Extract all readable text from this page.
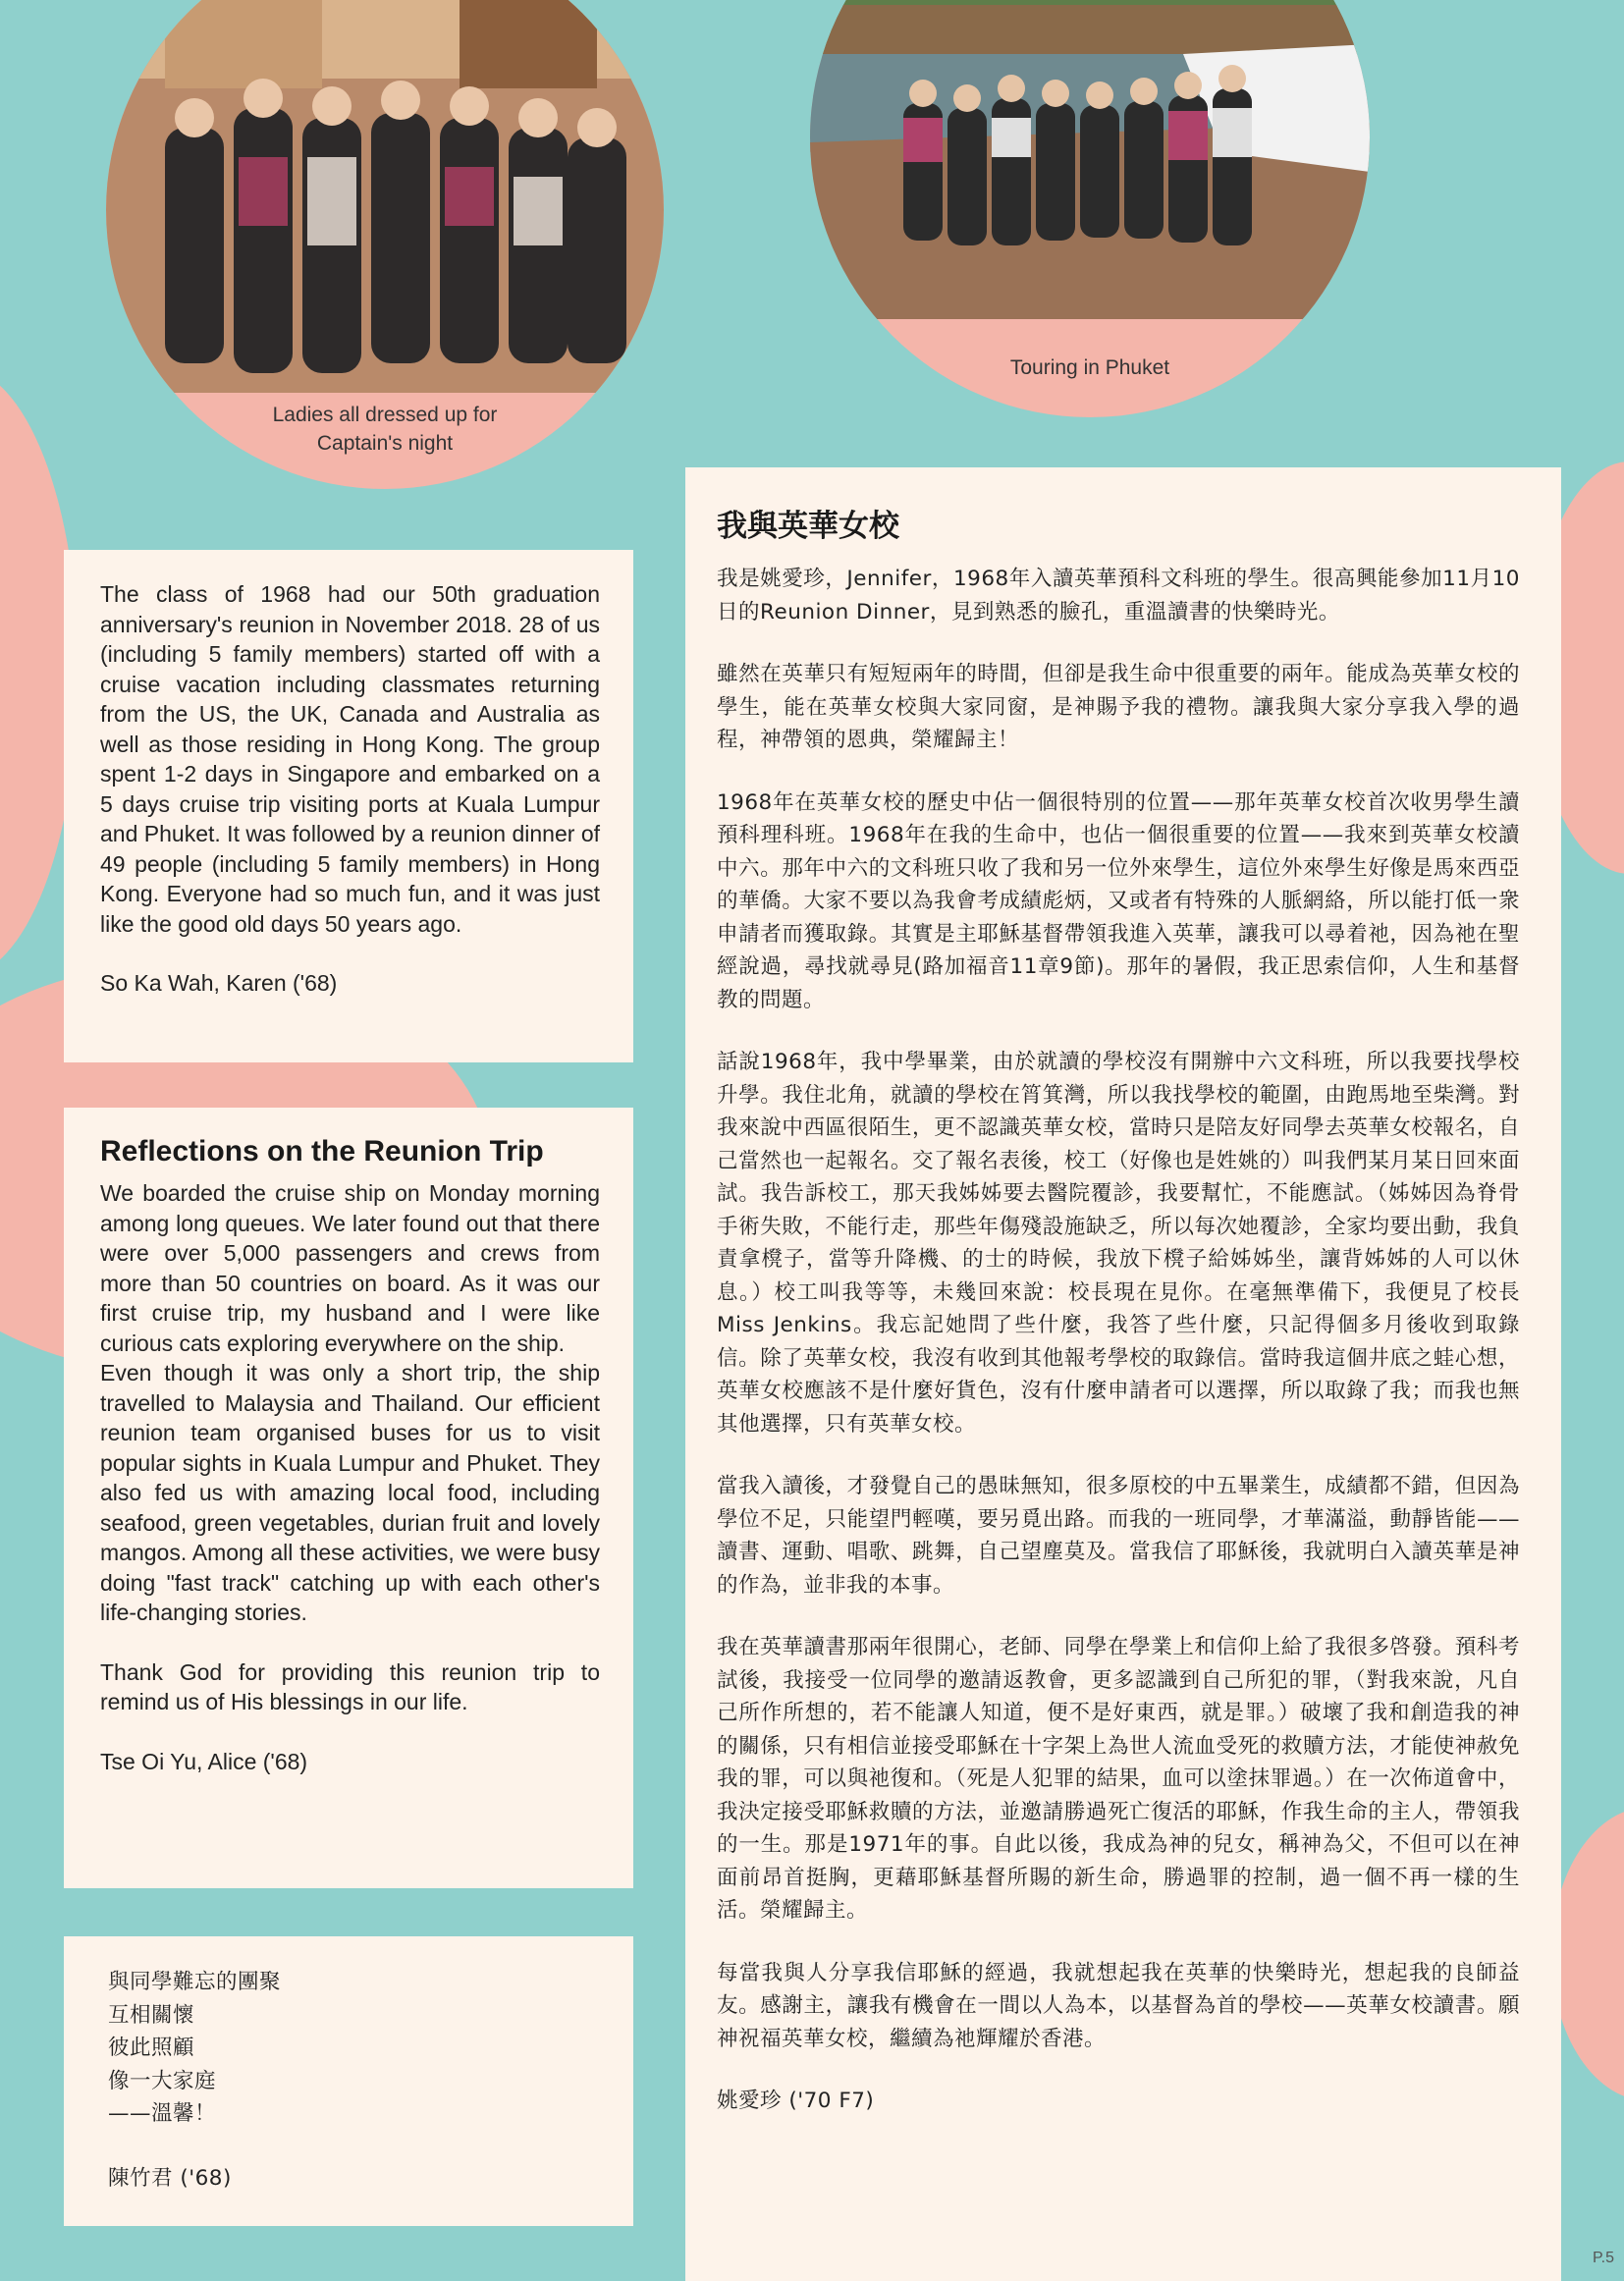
Ladies all dressed up for
Captain's night
Touring in Phuket

The class of 1968 had our 50th graduation anniversary's reunion in November 2018. 28 of us (including 5 family members) started off with a cruise vacation including classmates returning from the US, the UK, Canada and Australia as well as those residing in Hong Kong. The group spent 1-2 days in Singapore and embarked on a 5 days cruise trip visiting ports at Kuala Lumpur and Phuket. It was followed by a reunion dinner of 49 people (including 5 family members) in Hong Kong. Everyone had so much fun, and it was just like the good old days 50 years ago.

So Ka Wah, Karen ('68)

Reflections on the Reunion Trip

We boarded the cruise ship on Monday morning among long queues. We later found out that there were over 5,000 passengers and crews from more than 50 countries on board. As it was our first cruise trip, my husband and I were like curious cats exploring everywhere on the ship.

Even though it was only a short trip, the ship travelled to Malaysia and Thailand. Our efficient reunion team organised buses for us to visit popular sights in Kuala Lumpur and Phuket. They also fed us with amazing local food, including seafood, green vegetables, durian fruit and lovely mangos. Among all these activities, we were busy doing "fast track" catching up with each other's life-changing stories.

Thank God for providing this reunion trip to remind us of His blessings in our life.

Tse Oi Yu, Alice ('68)

與同學難忘的團聚
互相關懷
彼此照顧
像一大家庭
——溫馨！
陳竹君 ('68)
我與英華女校

我是姚愛珍，Jennifer，1968年入讀英華預科文科班的學生。很高興能參加11月10日的Reunion Dinner，見到熟悉的臉孔，重溫讀書的快樂時光。

雖然在英華只有短短兩年的時間，但卻是我生命中很重要的兩年。能成為英華女校的學生，能在英華女校與大家同窗，是神賜予我的禮物。讓我與大家分享我入學的過程，神帶領的恩典，榮耀歸主！

1968年在英華女校的歷史中佔一個很特別的位置——那年英華女校首次收男學生讀預科理科班。1968年在我的生命中，也佔一個很重要的位置——我來到英華女校讀中六。那年中六的文科班只收了我和另一位外來學生，這位外來學生好像是馬來西亞的華僑。大家不要以為我會考成績彪炳，又或者有特殊的人脈網絡，所以能打低一衆申請者而獲取錄。其實是主耶穌基督帶領我進入英華，讓我可以尋着祂，因為祂在聖經說過，尋找就尋見(路加福音11章9節)。那年的暑假，我正思索信仰，人生和基督教的問題。

話說1968年，我中學畢業，由於就讀的學校沒有開辦中六文科班，所以我要找學校升學。我住北角，就讀的學校在筲箕灣，所以我找學校的範圍，由跑馬地至柴灣。對我來說中西區很陌生，更不認識英華女校，當時只是陪友好同學去英華女校報名，自己當然也一起報名。交了報名表後，校工（好像也是姓姚的）叫我們某月某日回來面試。我告訴校工，那天我姊姊要去醫院覆診，我要幫忙，不能應試。（姊姊因為脊骨手術失敗，不能行走，那些年傷殘設施缺乏，所以每次她覆診，全家均要出動，我負責拿櫈子，當等升降機、的士的時候，我放下櫈子給姊姊坐，讓背姊姊的人可以休息。）校工叫我等等，未幾回來說：校長現在見你。在毫無準備下，我便見了校長 Miss Jenkins。我忘記她問了些什麼，我答了些什麼，只記得個多月後收到取錄信。除了英華女校，我沒有收到其他報考學校的取錄信。當時我這個井底之蛙心想，英華女校應該不是什麼好貨色，沒有什麼申請者可以選擇，所以取錄了我；而我也無其他選擇，只有英華女校。

當我入讀後，才發覺自己的愚昧無知，很多原校的中五畢業生，成績都不錯，但因為學位不足，只能望門輕嘆，要另覓出路。而我的一班同學，才華滿溢，動靜皆能——讀書、運動、唱歌、跳舞，自己望塵莫及。當我信了耶穌後，我就明白入讀英華是神的作為，並非我的本事。

我在英華讀書那兩年很開心，老師、同學在學業上和信仰上給了我很多啓發。預科考試後，我接受一位同學的邀請返教會，更多認識到自己所犯的罪，（對我來說，凡自己所作所想的，若不能讓人知道，便不是好東西，就是罪。）破壞了我和創造我的神的關係，只有相信並接受耶穌在十字架上為世人流血受死的救贖方法，才能使神赦免我的罪，可以與祂復和。（死是人犯罪的結果，血可以塗抹罪過。）在一次佈道會中，我決定接受耶穌救贖的方法，並邀請勝過死亡復活的耶穌，作我生命的主人，帶領我的一生。那是1971年的事。自此以後，我成為神的兒女，稱神為父，不但可以在神面前昂首挺胸，更藉耶穌基督所賜的新生命，勝過罪的控制，過一個不再一樣的生活。榮耀歸主。

每當我與人分享我信耶穌的經過，我就想起我在英華的快樂時光，想起我的良師益友。感謝主，讓我有機會在一間以人為本，以基督為首的學校——英華女校讀書。願神祝福英華女校，繼續為祂輝耀於香港。

姚愛珍 ('70 F7)

P.5
